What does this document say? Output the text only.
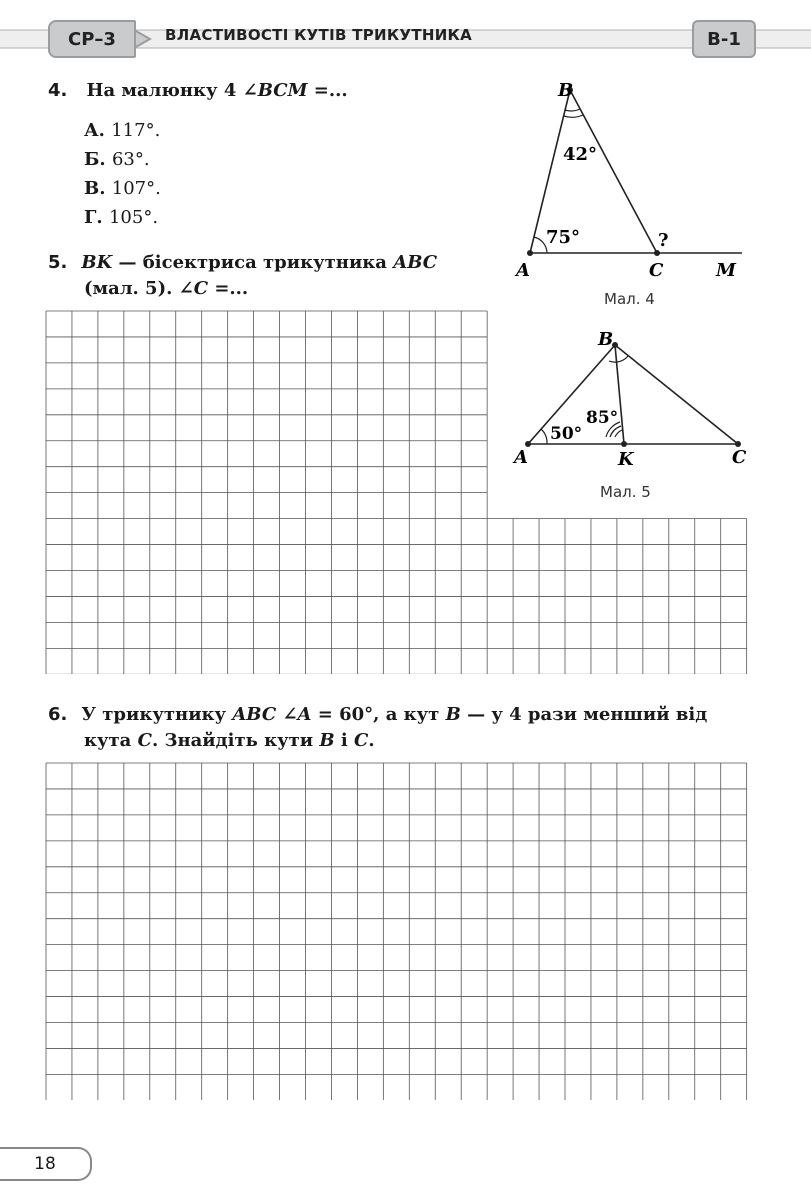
СР–3	ВЛАСТИВОСТІ КУТІВ ТРИКУТНИКА	В-1
4. На малюнку 4 ∠BCM =...
А. 117°.
Б. 63°.
В. 107°.
Г. 105°.
B
42°
75°	?
A	C	M
Мал. 4
5. BK — бісектриса трикутника ABC
(мал. 5). ∠C =...
B
50°
85°
A	K	C
Мал. 5
6. У трикутнику ABC ∠A = 60°, а кут B — у 4 рази менший від
кута C. Знайдіть кути B і C.
18
